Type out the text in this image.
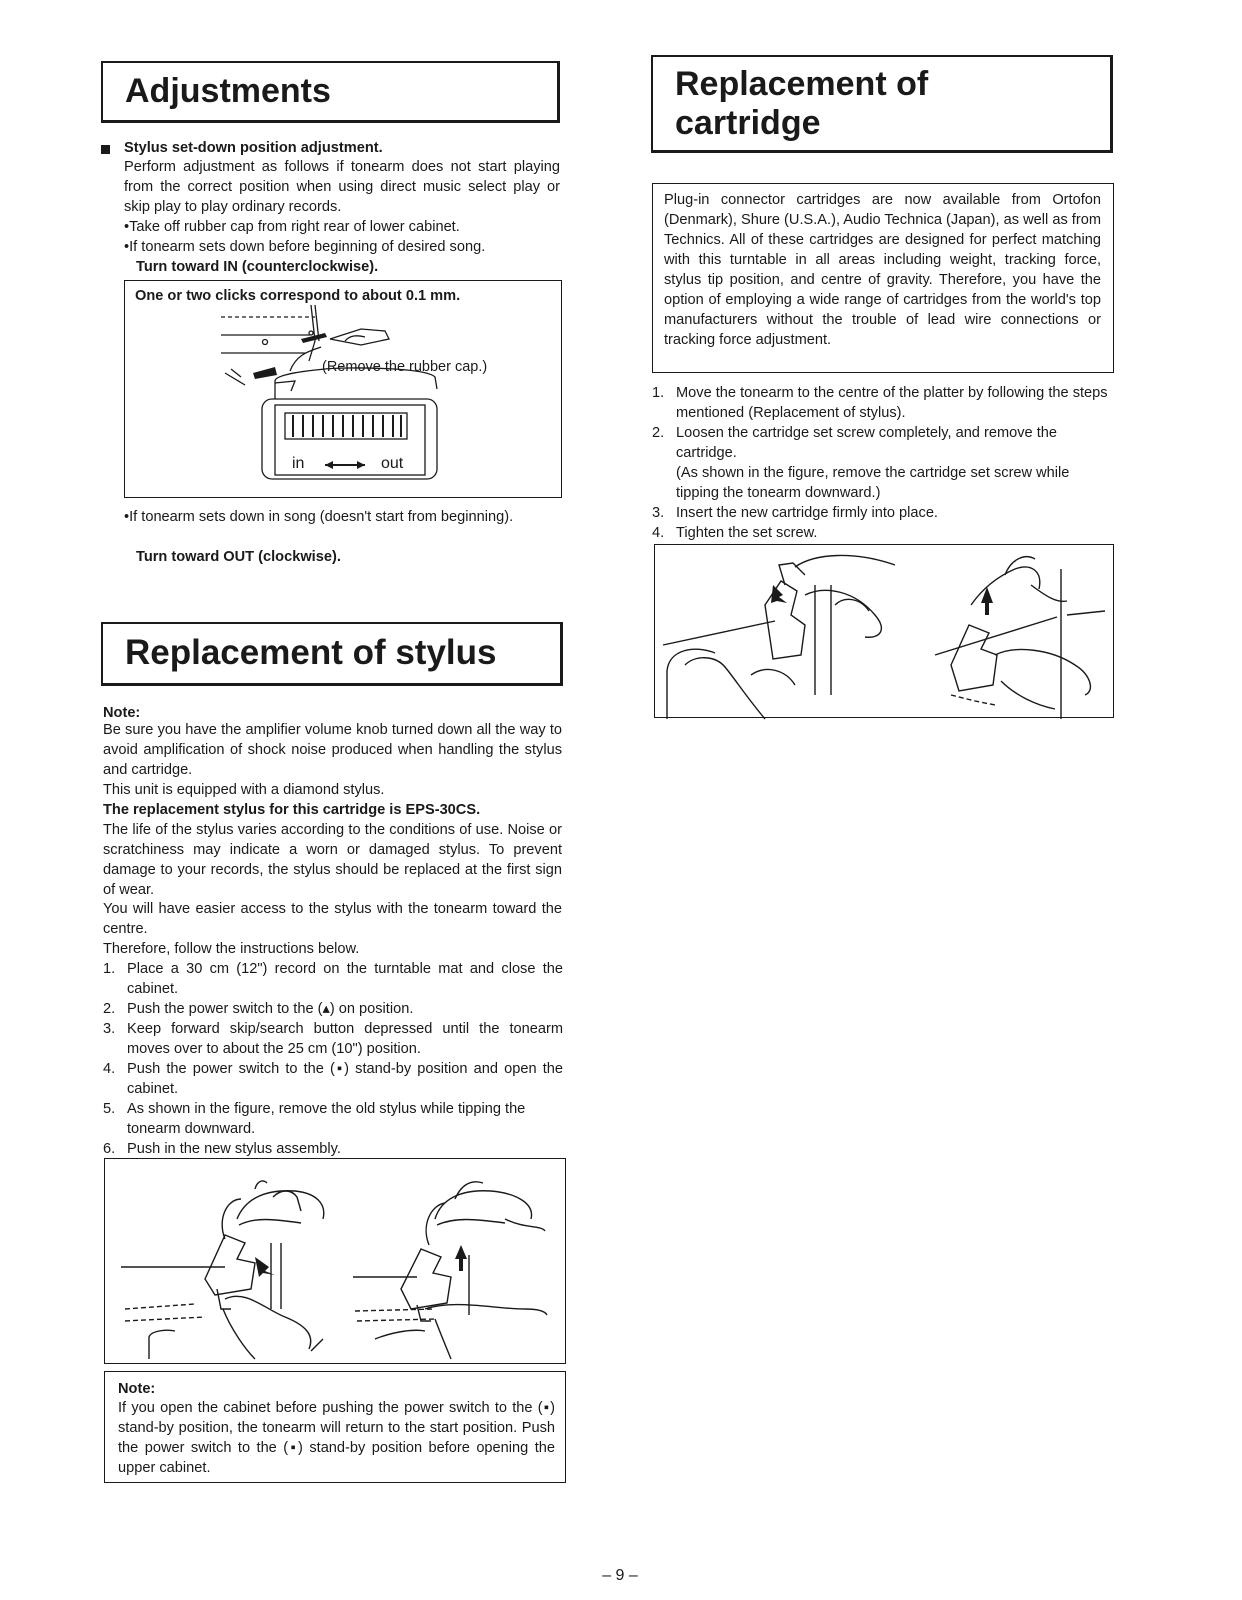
Adjustments
Stylus set-down position adjustment.
Perform adjustment as follows if tonearm does not start playing from the correct position when using direct music select play or skip play to play ordinary records.
•Take off rubber cap from right rear of lower cabinet.
•If tonearm sets down before beginning of desired song.
Turn toward IN (counterclockwise).
One or two clicks correspond to about 0.1 mm.
(Remove the rubber cap.)
in	out
•If tonearm sets down in song (doesn't start from beginning).
Turn toward OUT (clockwise).
Replacement of stylus
Note:
Be sure you have the amplifier volume knob turned down all the way to avoid amplification of shock noise produced when handling the stylus and cartridge.
This unit is equipped with a diamond stylus.
The replacement stylus for this cartridge is EPS-30CS.
The life of the stylus varies according to the conditions of use. Noise or scratchiness may indicate a worn or damaged stylus. To prevent damage to your records, the stylus should be replaced at the first sign of wear.
You will have easier access to the stylus with the tonearm toward the centre.
Therefore, follow the instructions below.
1. Place a 30 cm (12") record on the turntable mat and close the cabinet.
2. Push the power switch to the (▴) on position.
3. Keep forward skip/search button depressed until the tonearm moves over to about the 25 cm (10") position.
4. Push the power switch to the (▪) stand-by position and open the cabinet.
5. As shown in the figure, remove the old stylus while tipping the tonearm downward.
6. Push in the new stylus assembly.
Note:
If you open the cabinet before pushing the power switch to the (▪) stand-by position, the tonearm will return to the start position. Push the power switch to the (▪) stand-by position before opening the upper cabinet.
Replacement of
cartridge
Plug-in connector cartridges are now available from Ortofon (Denmark), Shure (U.S.A.), Audio Technica (Japan), as well as from Technics. All of these cartridges are designed for perfect matching with this turntable in all areas including weight, tracking force, stylus tip position, and centre of gravity. Therefore, you have the option of employing a wide range of cartridges from the world's top manufacturers without the trouble of lead wire connections or tracking force adjustment.
1. Move the tonearm to the centre of the platter by following the steps mentioned (Replacement of stylus).
2. Loosen the cartridge set screw completely, and remove the cartridge.
(As shown in the figure, remove the cartridge set screw while tipping the tonearm downward.)
3. Insert the new cartridge firmly into place.
4. Tighten the set screw.
– 9 –
